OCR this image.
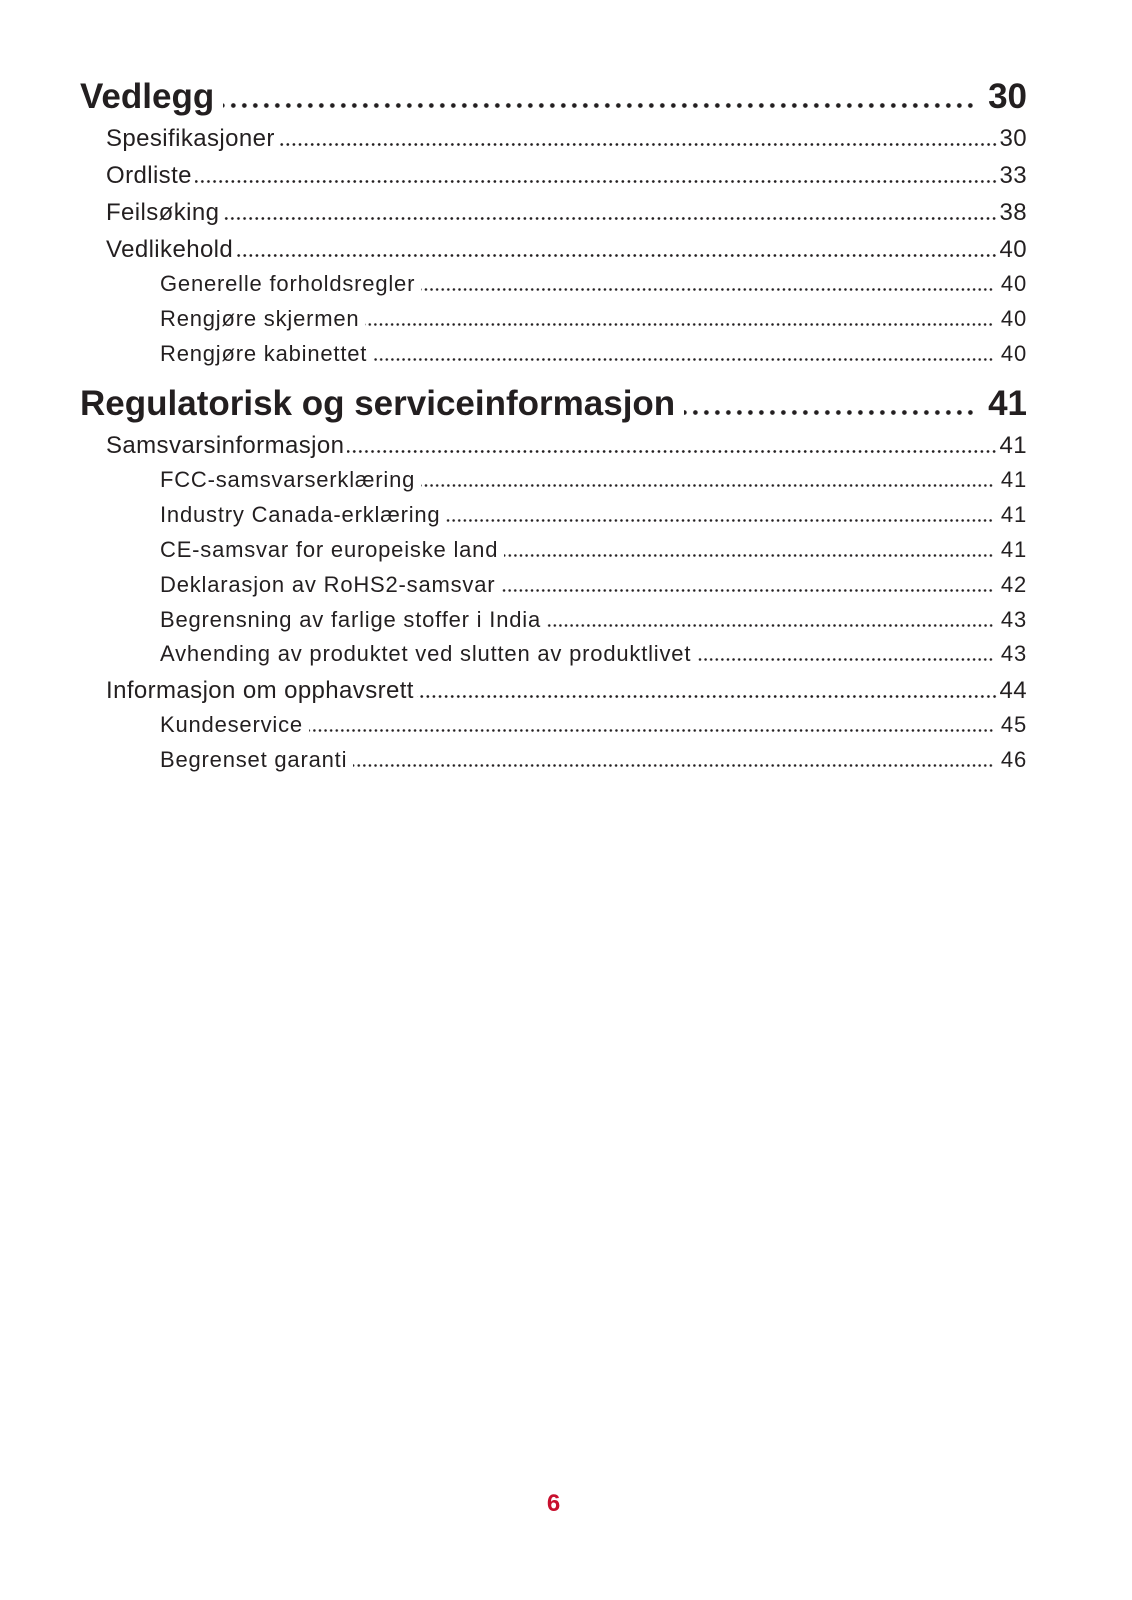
Vedlegg	30
Spesifikasjoner	30
Ordliste	33
Feilsøking	38
Vedlikehold	40
Generelle forholdsregler	40
Rengjøre skjermen	40
Rengjøre kabinettet	40
Regulatorisk og serviceinformasjon	41
Samsvarsinformasjon	41
FCC-samsvarserklæring	41
Industry Canada-erklæring	41
CE-samsvar for europeiske land	41
Deklarasjon av RoHS2-samsvar	42
Begrensning av farlige stoffer i India	43
Avhending av produktet ved slutten av produktlivet	43
Informasjon om opphavsrett	44
Kundeservice	45
Begrenset garanti	46
6
